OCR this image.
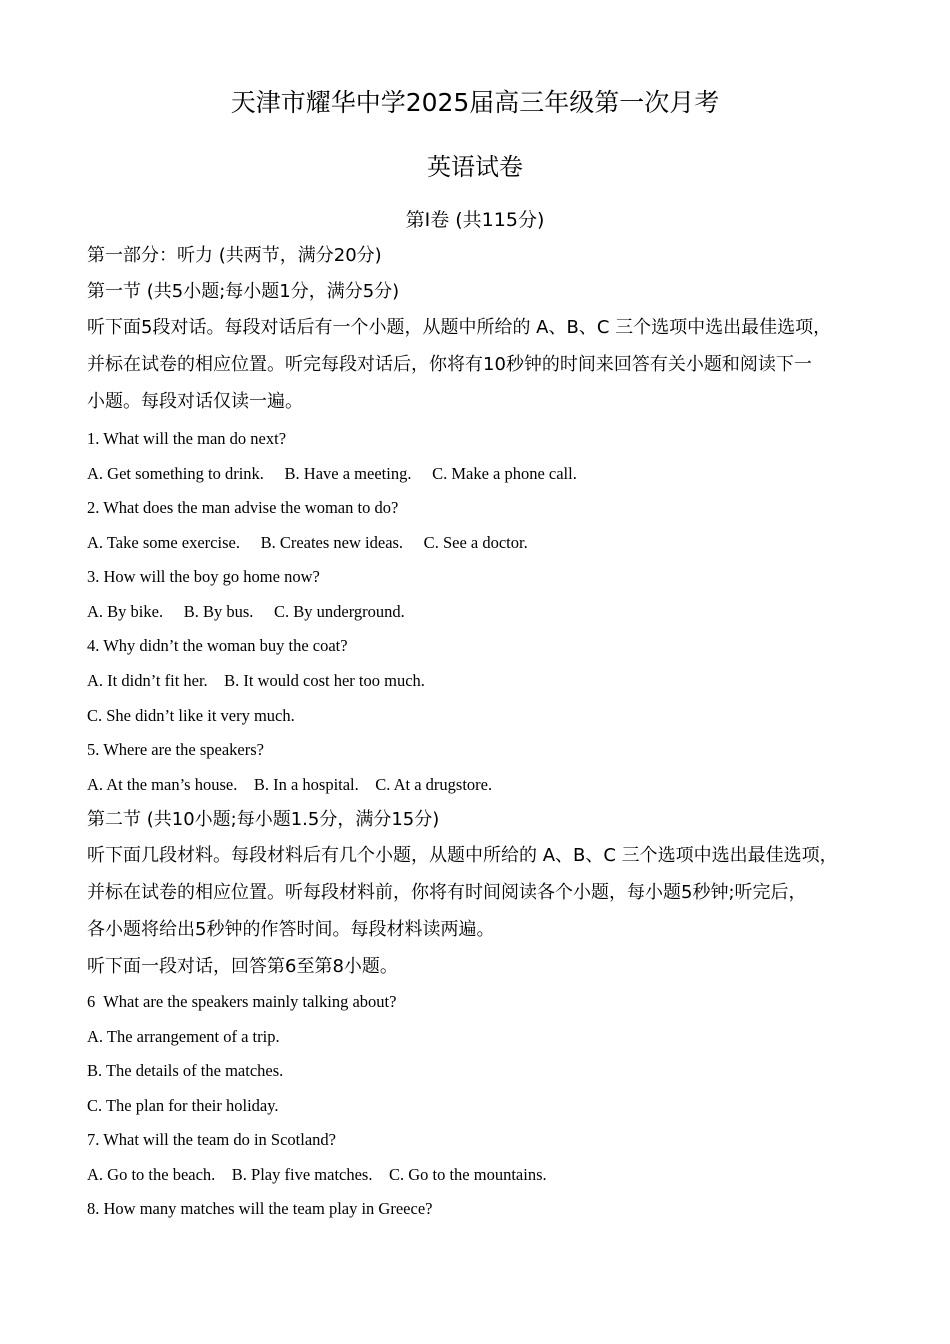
天津市耀华中学2025届高三年级第一次月考
英语试卷
第Ⅰ卷 (共115分)
第一部分：听力 (共两节，满分20分)
第一节 (共5小题;每小题1分，满分5分)
听下面5段对话。每段对话后有一个小题，从题中所给的 A、B、C 三个选项中选出最佳选项，
并标在试卷的相应位置。听完每段对话后，你将有10秒钟的时间来回答有关小题和阅读下一
小题。每段对话仅读一遍。
1. What will the man do next?
A. Get something to drink.     B. Have a meeting.     C. Make a phone call.
2. What does the man advise the woman to do?
A. Take some exercise.     B. Creates new ideas.     C. See a doctor.
3. How will the boy go home now?
A. By bike.     B. By bus.     C. By underground.
4. Why didn’t the woman buy the coat?
A. It didn’t fit her.    B. It would cost her too much.
C. She didn’t like it very much.
5. Where are the speakers?
A. At the man’s house.    B. In a hospital.    C. At a drugstore.
第二节 (共10小题;每小题1.5分，满分15分)
听下面几段材料。每段材料后有几个小题，从题中所给的 A、B、C 三个选项中选出最佳选项，
并标在试卷的相应位置。听每段材料前，你将有时间阅读各个小题，每小题5秒钟;听完后，
各小题将给出5秒钟的作答时间。每段材料读两遍。
听下面一段对话，回答第6至第8小题。
6  What are the speakers mainly talking about?
A. The arrangement of a trip.
B. The details of the matches.
C. The plan for their holiday.
7. What will the team do in Scotland?
A. Go to the beach.    B. Play five matches.    C. Go to the mountains.
8. How many matches will the team play in Greece?
